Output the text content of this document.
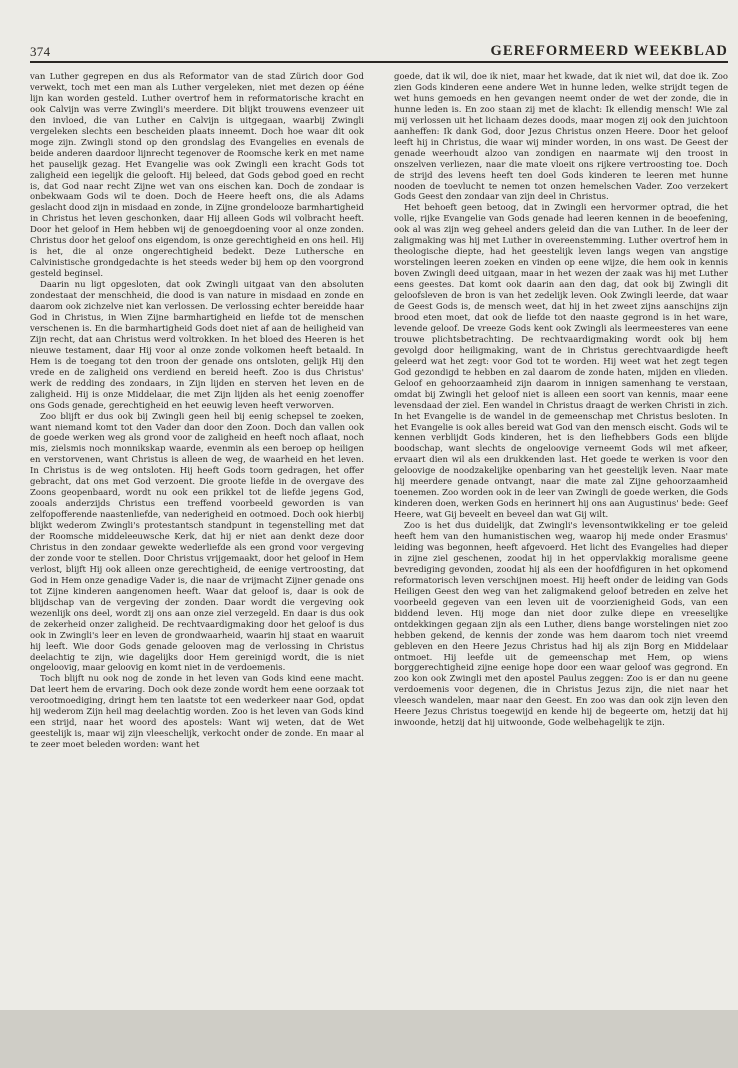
374	GEREFORMEERD WEEKBLAD

van Luther gegrepen en dus als Reformator van de stad Zürich door God verwekt, toch met een man als Luther vergeleken, niet met dezen op ééne lijn kan worden gesteld. Luther overtrof hem in reformatorische kracht en ook Calvijn was verre Zwingli's meerdere. Dit blijkt trouwens evenzeer uit den invloed, die van Luther en Calvijn is uitgegaan, waarbij Zwingli vergeleken slechts een bescheiden plaats inneemt. Doch hoe waar dit ook moge zijn. Zwingli stond op den grondslag des Evangelies en evenals de beide anderen daardoor lijnrecht tegenover de Roomsche kerk en met name het pauselijk gezag. Het Evangelie was ook Zwingli een kracht Gods tot zaligheid een iegelijk die gelooft. Hij beleed, dat Gods gebod goed en recht is, dat God naar recht Zijne wet van ons eischen kan. Doch de zondaar is onbekwaam Gods wil te doen. Doch de Heere heeft ons, die als Adams geslacht dood zijn in misdaad en zonde, in Zijne grondelooze barmhartigheid in Christus het leven geschonken, daar Hij alleen Gods wil volbracht heeft. Door het geloof in Hem hebben wij de genoegdoening voor al onze zonden. Christus door het geloof ons eigendom, is onze gerechtigheid en ons heil. Hij is het, die al onze ongerechtigheid bedekt. Deze Luthersche en Calvinistische grondgedachte is het steeds weder bij hem op den voorgrond gesteld beginsel.

Daarin nu ligt opgesloten, dat ook Zwingli uitgaat van den absoluten zondestaat der menschheid, die dood is van nature in misdaad en zonde en daarom ook zichzelve niet kan verlossen. De verlossing echter bereidde haar God in Christus, in Wien Zijne barmhartigheid en liefde tot de menschen verschenen is. En die barmhartigheid Gods doet niet af aan de heiligheid van Zijn recht, dat aan Christus werd voltrokken. In het bloed des Heeren is het nieuwe testament, daar Hij voor al onze zonde volkomen heeft betaald. In Hem is de toegang tot den troon der genade ons ontsloten, gelijk Hij den vrede en de zaligheid ons verdiend en bereid heeft. Zoo is dus Christus' werk de redding des zondaars, in Zijn lijden en sterven het leven en de zaligheid. Hij is onze Middelaar, die met Zijn lijden als het eenig zoenoffer ons Gods genade, gerechtigheid en het eeuwig leven heeft verworven.

Zoo blijft er dus ook bij Zwingli geen heil bij eenig schepsel te zoeken, want niemand komt tot den Vader dan door den Zoon. Doch dan vallen ook de goede werken weg als grond voor de zaligheid en heeft noch aflaat, noch mis, zielsmis noch monnikskap waarde, evenmin als een beroep op heiligen en verstorvenen, want Christus is alleen de weg, de waarheid en het leven. In Christus is de weg ontsloten. Hij heeft Gods toorn gedragen, het offer gebracht, dat ons met God verzoent. Die groote liefde in de overgave des Zoons geopenbaard, wordt nu ook een prikkel tot de liefde jegens God, zooals anderzijds Christus een treffend voorbeeld geworden is van zelfopofferende naastenliefde, van nederigheid en ootmoed. Doch ook hierbij blijkt wederom Zwingli's protestantsch standpunt in tegenstelling met dat der Roomsche middeleeuwsche Kerk, dat hij er niet aan denkt deze door Christus in den zondaar gewekte wederliefde als een grond voor vergeving der zonde voor te stellen. Door Christus vrijgemaakt, door het geloof in Hem verlost, blijft Hij ook alleen onze gerechtigheid, de eenige vertroosting, dat God in Hem onze genadige Vader is, die naar de vrijmacht Zijner genade ons tot Zijne kinderen aangenomen heeft. Waar dat geloof is, daar is ook de blijdschap van de vergeving der zonden. Daar wordt die vergeving ook wezenlijk ons deel, wordt zij ons aan onze ziel verzegeld. En daar is dus ook de zekerheid onzer zaligheid. De rechtvaardigmaking door het geloof is dus ook in Zwingli's leer en leven de grondwaarheid, waarin hij staat en waaruit hij leeft. Wie door Gods genade gelooven mag de verlossing in Christus deelachtig te zijn, wie dagelijks door Hem gereinigd wordt, die is niet ongeloovig, maar geloovig en komt niet in de verdoemenis.

Toch blijft nu ook nog de zonde in het leven van Gods kind eene macht. Dat leert hem de ervaring. Doch ook deze zonde wordt hem eene oorzaak tot verootmoediging, dringt hem ten laatste tot een wederkeer naar God, opdat hij wederom Zijn heil mag deelachtig worden. Zoo is het leven van Gods kind een strijd, naar het woord des apostels: Want wij weten, dat de Wet geestelijk is, maar wij zijn vleeschelijk, verkocht onder de zonde. En maar al te zeer moet beleden worden: want het

goede, dat ik wil, doe ik niet, maar het kwade, dat ik niet wil, dat doe ik. Zoo zien Gods kinderen eene andere Wet in hunne leden, welke strijdt tegen de wet huns gemoeds en hen gevangen neemt onder de wet der zonde, die in hunne leden is. En zoo staan zij met de klacht: Ik ellendig mensch! Wie zal mij verlossen uit het lichaam dezes doods, maar mogen zij ook den juichtoon aanheffen: Ik dank God, door Jezus Christus onzen Heere. Door het geloof leeft hij in Christus, die waar wij minder worden, in ons wast. De Geest der genade weerhoudt alzoo van zondigen en naarmate wij den troost in onszelven verliezen, naar die mate vloeit ons rijkere vertroosting toe. Doch de strijd des levens heeft ten doel Gods kinderen te leeren met hunne nooden de toevlucht te nemen tot onzen hemelschen Vader. Zoo verzekert Gods Geest den zondaar van zijn deel in Christus.

Het behoeft geen betoog, dat in Zwingli een hervormer optrad, die het volle, rijke Evangelie van Gods genade had leeren kennen in de beoefening, ook al was zijn weg geheel anders geleid dan die van Luther. In de leer der zaligmaking was hij met Luther in overeenstemming. Luther overtrof hem in theologische diepte, had het geestelijk leven langs wegen van angstige worstelingen leeren zoeken en vinden op eene wijze, die hem ook in kennis boven Zwingli deed uitgaan, maar in het wezen der zaak was hij met Luther eens geestes. Dat komt ook daarin aan den dag, dat ook bij Zwingli dit geloofsleven de bron is van het zedelijk leven. Ook Zwingli leerde, dat waar de Geest Gods is, de mensch weet, dat hij in het zweet zijns aanschijns zijn brood eten moet, dat ook de liefde tot den naaste gegrond is in het ware, levende geloof. De vreeze Gods kent ook Zwingli als leermeesteres van eene trouwe plichtsbetrachting. De rechtvaardigmaking wordt ook bij hem gevolgd door heiligmaking, want de in Christus gerechtvaardigde heeft geleerd wat het zegt: voor God tot te worden. Hij weet wat het zegt tegen God gezondigd te hebben en zal daarom de zonde haten, mijden en vlieden. Geloof en gehoorzaamheid zijn daarom in innigen samenhang te verstaan, omdat bij Zwingli het geloof niet is alleen een soort van kennis, maar eene levensdaad der ziel. Een wandel in Christus draagt de werken Christi in zich. In het Evangelie is de wandel in de gemeenschap met Christus besloten. In het Evangelie is ook alles bereid wat God van den mensch eischt. Gods wil te kennen verblijdt Gods kinderen, het is den liefhebbers Gods een blijde boodschap, want slechts de ongeloovige verneemt Gods wil met afkeer, ervaart dien wil als een drukkenden last. Het goede te werken is voor den geloovige de noodzakelijke openbaring van het geestelijk leven. Naar mate hij meerdere genade ontvangt, naar die mate zal Zijne gehoorzaamheid toenemen. Zoo worden ook in de leer van Zwingli de goede werken, die Gods kinderen doen, werken Gods en herinnert hij ons aan Augustinus' bede: Geef Heere, wat Gij beveelt en beveel dan wat Gij wilt.

Zoo is het dus duidelijk, dat Zwingli's levensontwikkeling er toe geleid heeft hem van den humanistischen weg, waarop hij mede onder Erasmus' leiding was begonnen, heeft afgevoerd. Het licht des Evangelies had dieper in zijne ziel geschenen, zoodat hij in het oppervlakkig moralisme geene bevrediging gevonden, zoodat hij als een der hoofdfiguren in het opkomend reformatorisch leven verschijnen moest. Hij heeft onder de leiding van Gods Heiligen Geest den weg van het zaligmakend geloof betreden en zelve het voorbeeld gegeven van een leven uit de voorzienigheid Gods, van een biddend leven. Hij moge dan niet door zulke diepe en vreeselijke ontdekkingen gegaan zijn als een Luther, diens bange worstelingen niet zoo hebben gekend, de kennis der zonde was hem daarom toch niet vreemd gebleven en den Heere Jezus Christus had hij als zijn Borg en Middelaar ontmoet. Hij leefde uit de gemeenschap met Hem, op wiens borggerechtigheid zijne eenige hope door een waar geloof was gegrond. En zoo kon ook Zwingli met den apostel Paulus zeggen: Zoo is er dan nu geene verdoemenis voor degenen, die in Christus Jezus zijn, die niet naar het vleesch wandelen, maar naar den Geest. En zoo was dan ook zijn leven den Heere Jezus Christus toegewijd en kende hij de begeerte om, hetzij dat hij inwoonde, hetzij dat hij uitwoonde, Gode welbehagelijk te zijn.
